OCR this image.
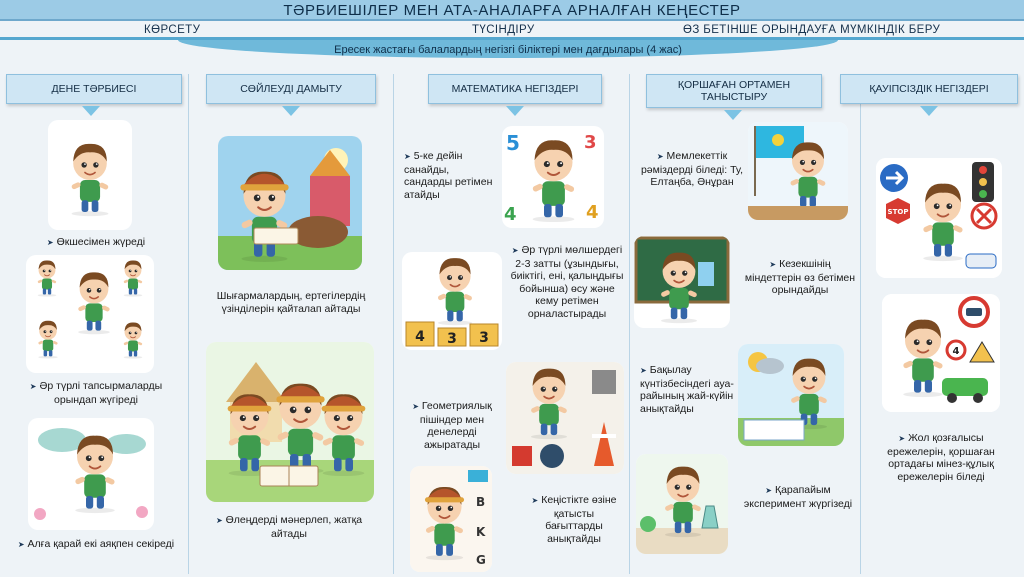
ТӘРБИЕШІЛЕР МЕН АТА-АНАЛАРҒА АРНАЛҒАН КЕҢЕСТЕР
КӨРСЕТУ	ТҮСІНДІРУ	ӨЗ БЕТІНШЕ ОРЫНДАУҒА МҮМКІНДІК БЕРУ
Ересек жастағы балалардың негізгі біліктері мен дағдылары (4 жас)
ДЕНЕ ТӘРБИЕСІ
➤ Өкшесімен жүреді
➤ Әр түрлі тапсырмаларды орындап жүгіреді
➤ Алға қарай екі аяқпен секіреді
СӨЙЛЕУДІ ДАМЫТУ
Шығармалардың, ертегілердің үзінділерін қайталап айтады
➤ Өлеңдерді мәнерлеп, жатқа айтады
МАТЕМАТИКА НЕГІЗДЕРІ
➤ 5-ке дейін санайды, сандарды ретімен атайды
5	3
4	4
4 3 3
➤ Әр түрлі мөлшердегі 2-3 затты (ұзындығы, биіктігі, ені, қалыңдығы бойынша) өсу және кему ретімен орналастырады
➤ Геометриялық пішіндер мен денелерді ажыратады
B
K
G
➤ Кеңістікте өзіне қатысты бағыттарды анықтайды
ҚОРШАҒАН ОРТАМЕН ТАНЫСТЫРУ
➤ Мемлекеттік рәміздерді біледі: Ту, Елтаңба, Әнұран
➤ Кезекшінің міндеттерін өз бетімен орындайды
➤ Бақылау күнтізбесіндегі ауа-райының жай-күйін анықтайды
➤ Қарапайым эксперимент жүргізеді
ҚАУІПСІЗДІК НЕГІЗДЕРІ
STOP
4
➤ Жол қозғалысы ережелерін, қоршаған ортадағы мінез-құлық ережелерін біледі
